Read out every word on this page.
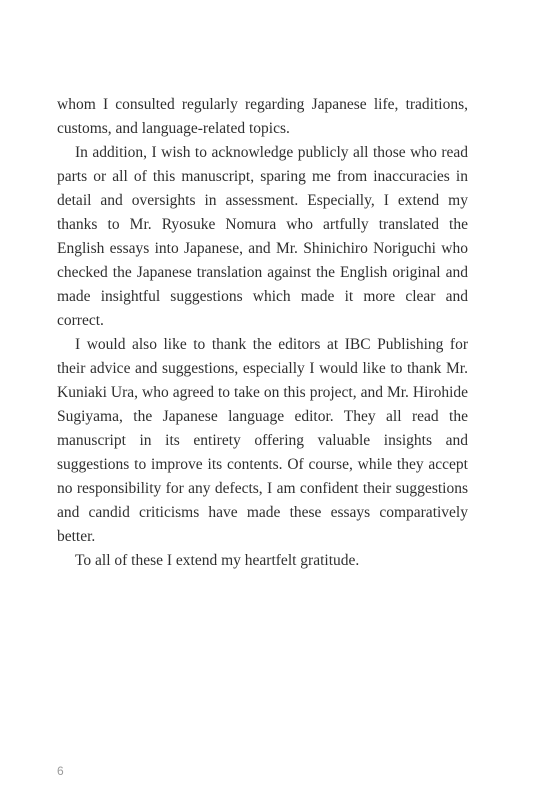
whom I consulted regularly regarding Japanese life, traditions, customs, and language-related topics.

In addition, I wish to acknowledge publicly all those who read parts or all of this manuscript, sparing me from inaccuracies in detail and oversights in assessment. Especially, I extend my thanks to Mr. Ryosuke Nomura who artfully translated the English essays into Japanese, and Mr. Shinichiro Noriguchi who checked the Japanese translation against the English original and made insightful suggestions which made it more clear and correct.

I would also like to thank the editors at IBC Publishing for their advice and suggestions, especially I would like to thank Mr. Kuniaki Ura, who agreed to take on this project, and Mr. Hirohide Sugiyama, the Japanese language editor. They all read the manuscript in its entirety offering valuable insights and suggestions to improve its contents. Of course, while they accept no responsibility for any defects, I am confident their suggestions and candid criticisms have made these essays comparatively better.

To all of these I extend my heartfelt gratitude.

6
